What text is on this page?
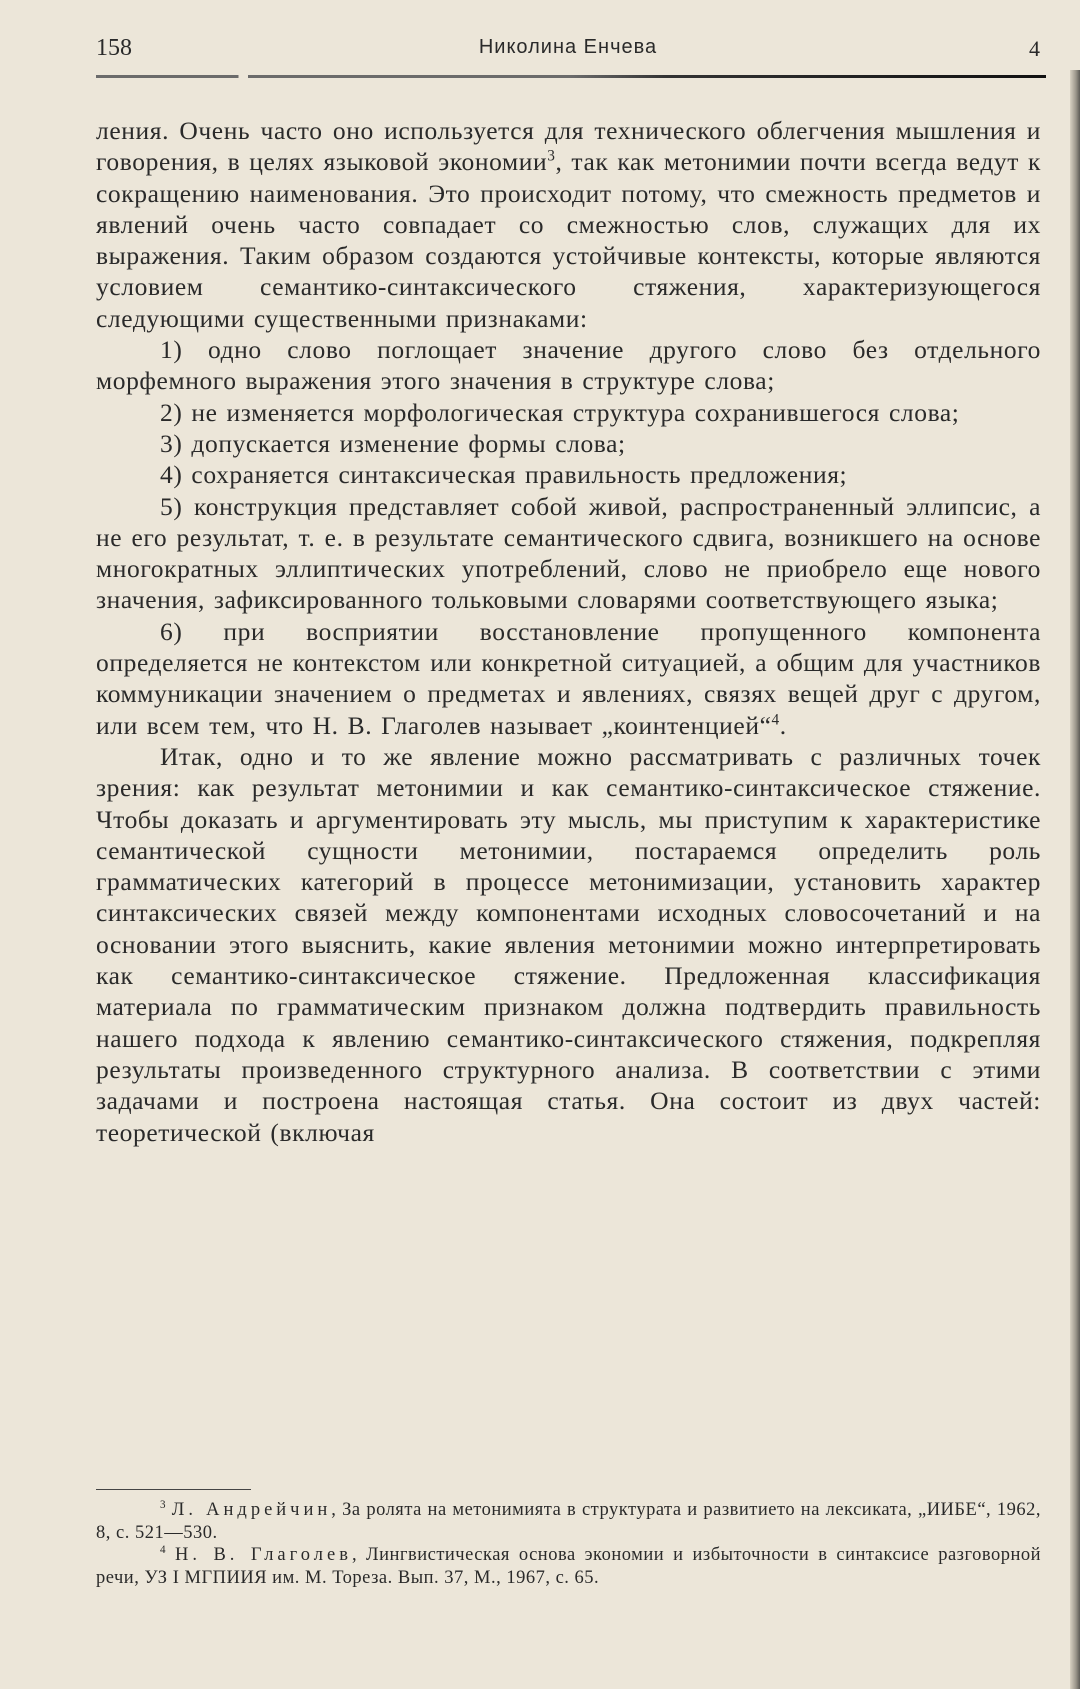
158	Николина Енчева	4

ления. Очень часто оно используется для технического облегчения мышления и говорения, в целях языковой экономии$^3$, так как метонимии почти всегда ведут к сокращению наименования. Это происходит потому, что смежность предметов и явлений очень часто совпадает со смежностью слов, служащих для их выражения. Таким образом создаются устойчивые контексты, которые являются условием семантико-синтаксического стяжения, характеризующегося следующими существенными признаками:

1) одно слово поглощает значение другого слово без отдельного морфемного выражения этого значения в структуре слова;

2) не изменяется морфологическая структура сохранившегося слова;

3) допускается изменение формы слова;

4) сохраняется синтаксическая правильность предложения;

5) конструкция представляет собой живой, распространенный эллипсис, а не его результат, т. е. в результате семантического сдвига, возникшего на основе многократных эллиптических употреблений, слово не приобрело еще нового значения, зафиксированного тольковыми словарями соответствующего языка;

6) при восприятии восстановление пропущенного компонента определяется не контекстом или конкретной ситуацией, а общим для участников коммуникации значением о предметах и явлениях, связях вещей друг с другом, или всем тем, что Н. В. Глаголев называет „коинтенцией“$^4$.

Итак, одно и то же явление можно рассматривать с различных точек зрения: как результат метонимии и как семантико-синтаксическое стяжение. Чтобы доказать и аргументировать эту мысль, мы приступим к характеристике семантической сущности метонимии, постараемся определить роль грамматических категорий в процессе метонимизации, установить характер синтаксических связей между компонентами исходных словосочетаний и на основании этого выяснить, какие явления метонимии можно интерпретировать как семантико-синтаксическое стяжение. Предложенная классификация материала по грамматическим признаком должна подтвердить правильность нашего подхода к явлению семантико-синтаксического стяжения, подкрепляя результаты произведенного структурного анализа. В соответствии с этими задачами и построена настоящая статья. Она состоит из двух частей: теоретической (включая

$^3$ Л. Андрейчин, За ролята на метонимията в структурата и развитието на лексиката, „ИИБЕ“, 1962, 8, с. 521—530.

$^4$ Н. В. Глаголев, Лингвистическая основа экономии и избыточности в синтаксисе разговорной речи, УЗ I МГПИИЯ им. М. Тореза. Вып. 37, М., 1967, с. 65.
